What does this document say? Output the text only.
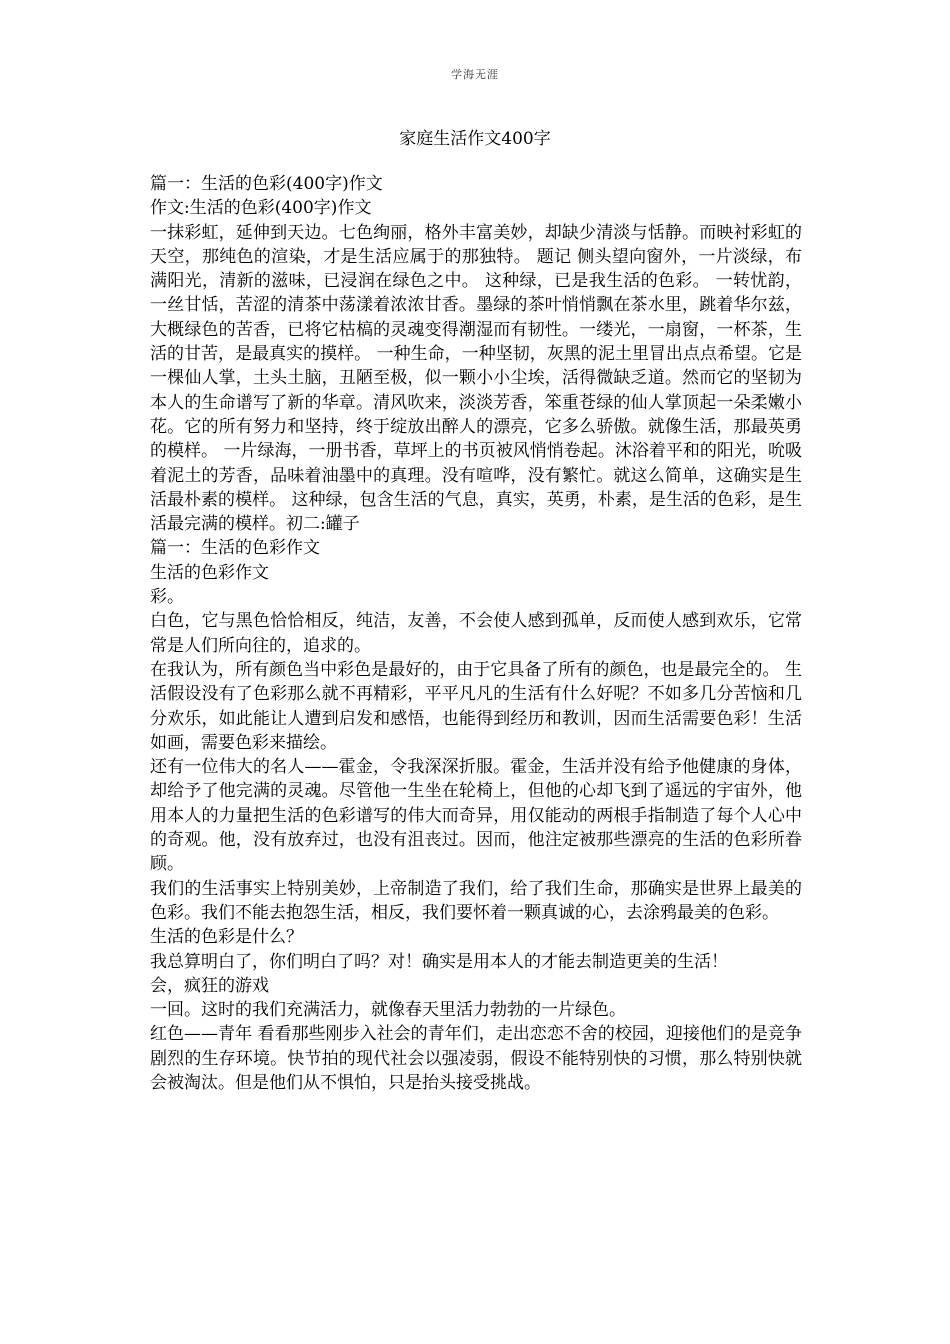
学海无涯
家庭生活作文400字

篇一：生活的色彩(400字)作文

作文:生活的色彩(400字)作文

一抹彩虹，延伸到天边。七色绚丽，格外丰富美妙，却缺少清淡与恬静。而映衬彩虹的天空，那纯色的渲染，才是生活应属于的那独特。 题记 侧头望向窗外，一片淡绿，布满阳光，清新的滋味，已浸润在绿色之中。 这种绿，已是我生活的色彩。 一转忧韵，一丝甘恬，苦涩的清茶中荡漾着浓浓甘香。墨绿的茶叶悄悄飘在茶水里，跳着华尔兹，大概绿色的苦香，已将它枯槁的灵魂变得潮湿而有韧性。一缕光，一扇窗，一杯茶，生活的甘苦，是最真实的摸样。 一种生命，一种坚韧，灰黑的泥土里冒出点点希望。它是一棵仙人掌，土头土脑，丑陋至极，似一颗小小尘埃，活得微缺乏道。然而它的坚韧为本人的生命谱写了新的华章。清风吹来，淡淡芳香，笨重苍绿的仙人掌顶起一朵柔嫩小花。它的所有努力和坚持，终于绽放出醉人的漂亮，它多么骄傲。就像生活，那最英勇的模样。 一片绿海，一册书香，草坪上的书页被风悄悄卷起。沐浴着平和的阳光，吮吸着泥土的芳香，品味着油墨中的真理。没有喧哗，没有繁忙。就这么简单，这确实是生活最朴素的模样。 这种绿，包含生活的气息，真实，英勇，朴素，是生活的色彩，是生活最完满的模样。初二:罐子

篇一：生活的色彩作文

生活的色彩作文

彩。

白色，它与黑色恰恰相反，纯洁，友善，不会使人感到孤单，反而使人感到欢乐，它常常是人们所向往的，追求的。

在我认为，所有颜色当中彩色是最好的，由于它具备了所有的颜色，也是最完全的。 生活假设没有了色彩那么就不再精彩，平平凡凡的生活有什么好呢？不如多几分苦恼和几分欢乐，如此能让人遭到启发和感悟，也能得到经历和教训，因而生活需要色彩！生活如画，需要色彩来描绘。

还有一位伟大的名人——霍金，令我深深折服。霍金，生活并没有给予他健康的身体，却给予了他完满的灵魂。尽管他一生坐在轮椅上，但他的心却飞到了遥远的宇宙外，他用本人的力量把生活的色彩谱写的伟大而奇异，用仅能动的两根手指制造了每个人心中的奇观。他，没有放弃过，也没有沮丧过。因而，他注定被那些漂亮的生活的色彩所眷顾。

我们的生活事实上特别美妙，上帝制造了我们，给了我们生命，那确实是世界上最美的色彩。我们不能去抱怨生活，相反，我们要怀着一颗真诚的心，去涂鸦最美的色彩。

生活的色彩是什么？

我总算明白了，你们明白了吗？对！确实是用本人的才能去制造更美的生活！

会，疯狂的游戏

一回。这时的我们充满活力，就像春天里活力勃勃的一片绿色。

红色——青年 看看那些刚步入社会的青年们，走出恋恋不舍的校园，迎接他们的是竞争剧烈的生存环境。快节拍的现代社会以强凌弱，假设不能特别快的习惯，那么特别快就会被淘汰。但是他们从不惧怕，只是抬头接受挑战。
